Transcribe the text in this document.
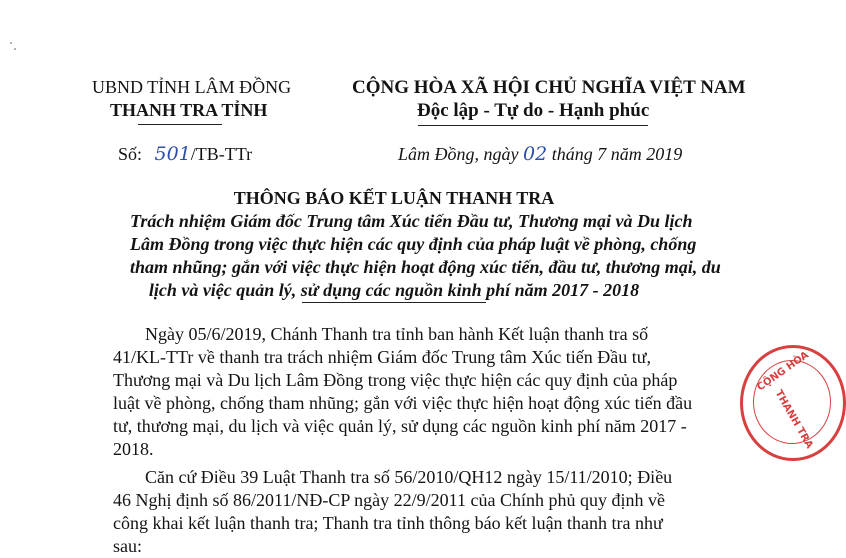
UBND TỈNH LÂM ĐỒNG
THANH TRA TỈNH
CỘNG HÒA XÃ HỘI CHỦ NGHĨA VIỆT NAM
Độc lập - Tự do - Hạnh phúc
Số: 501/TB-TTr	Lâm Đồng, ngày 02 tháng 7 năm 2019
THÔNG BÁO KẾT LUẬN THANH TRA
Trách nhiệm Giám đốc Trung tâm Xúc tiến Đầu tư, Thương mại và Du lịch
Lâm Đồng trong việc thực hiện các quy định của pháp luật về phòng, chống
tham nhũng; gắn với việc thực hiện hoạt động xúc tiến, đầu tư, thương mại, du
lịch và việc quản lý, sử dụng các nguồn kinh phí năm 2017 - 2018
Ngày 05/6/2019, Chánh Thanh tra tỉnh ban hành Kết luận thanh tra số
41/KL-TTr về thanh tra trách nhiệm Giám đốc Trung tâm Xúc tiến Đầu tư,
Thương mại và Du lịch Lâm Đồng trong việc thực hiện các quy định của pháp
luật về phòng, chống tham nhũng; gắn với việc thực hiện hoạt động xúc tiến đầu
tư, thương mại, du lịch và việc quản lý, sử dụng các nguồn kinh phí năm 2017 -
2018.
Căn cứ Điều 39 Luật Thanh tra số 56/2010/QH12 ngày 15/11/2010; Điều
46 Nghị định số 86/2011/NĐ-CP ngày 22/9/2011 của Chính phủ quy định về
công khai kết luận thanh tra; Thanh tra tỉnh thông báo kết luận thanh tra như
sau:
CỘNG HÒA
THANH TRA
